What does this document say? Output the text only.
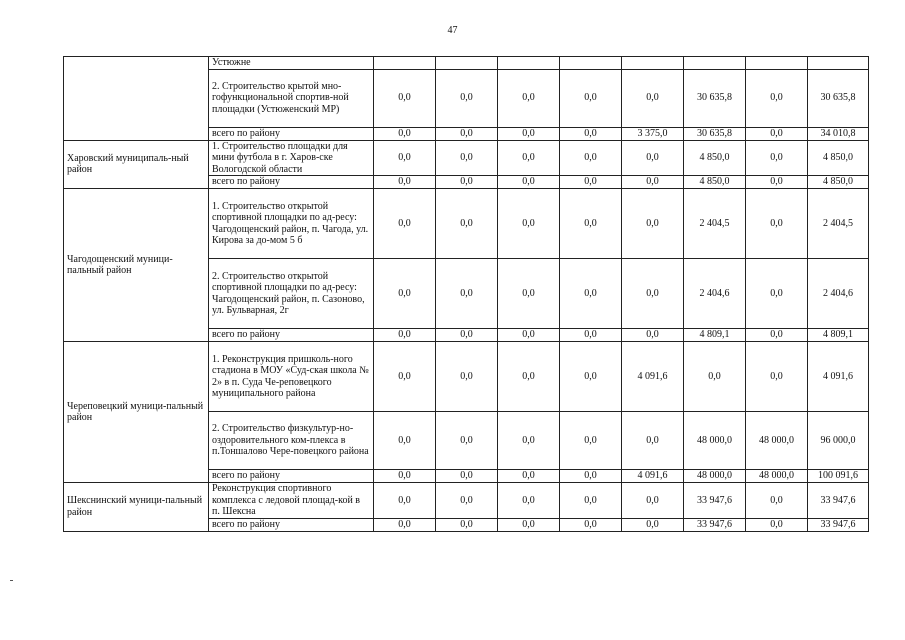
47
	Устюжне								
	2. Строительство крытой мно-гофункциональной спортив-ной площадки (Устюженский МР)	0,0	0,0	0,0	0,0	0,0	30 635,8	0,0	30 635,8
	всего по району	0,0	0,0	0,0	0,0	3 375,0	30 635,8	0,0	34 010,8
Харовский муниципаль-ный район	1. Строительство площадки для мини футбола в г. Харов-ске Вологодской области	0,0	0,0	0,0	0,0	0,0	4 850,0	0,0	4 850,0
	всего по району	0,0	0,0	0,0	0,0	0,0	4 850,0	0,0	4 850,0
Чагодощенский муници-пальный район	1. Строительство открытой спортивной площадки по ад-ресу: Чагодощенский район, п. Чагода, ул. Кирова за до-мом 5 б	0,0	0,0	0,0	0,0	0,0	2 404,5	0,0	2 404,5
	2. Строительство открытой спортивной площадки по ад-ресу: Чагодощенский район, п. Сазоново, ул. Бульварная, 2г	0,0	0,0	0,0	0,0	0,0	2 404,6	0,0	2 404,6
	всего по району	0,0	0,0	0,0	0,0	0,0	4 809,1	0,0	4 809,1
Череповецкий муници-пальный район	1. Реконструкция пришколь-ного стадиона в МОУ «Суд-ская школа № 2» в п. Суда Че-реповецкого муниципального района	0,0	0,0	0,0	0,0	4 091,6	0,0	0,0	4 091,6
	2. Строительство физкультур-но-оздоровительного ком-плекса в п.Тоншалово Чере-повецкого района	0,0	0,0	0,0	0,0	0,0	48 000,0	48 000,0	96 000,0
	всего по району	0,0	0,0	0,0	0,0	4 091,6	48 000,0	48 000,0	100 091,6
Шекснинский муници-пальный район	Реконструкция спортивного комплекса с ледовой площад-кой в п. Шексна	0,0	0,0	0,0	0,0	0,0	33 947,6	0,0	33 947,6
	всего по району	0,0	0,0	0,0	0,0	0,0	33 947,6	0,0	33 947,6
